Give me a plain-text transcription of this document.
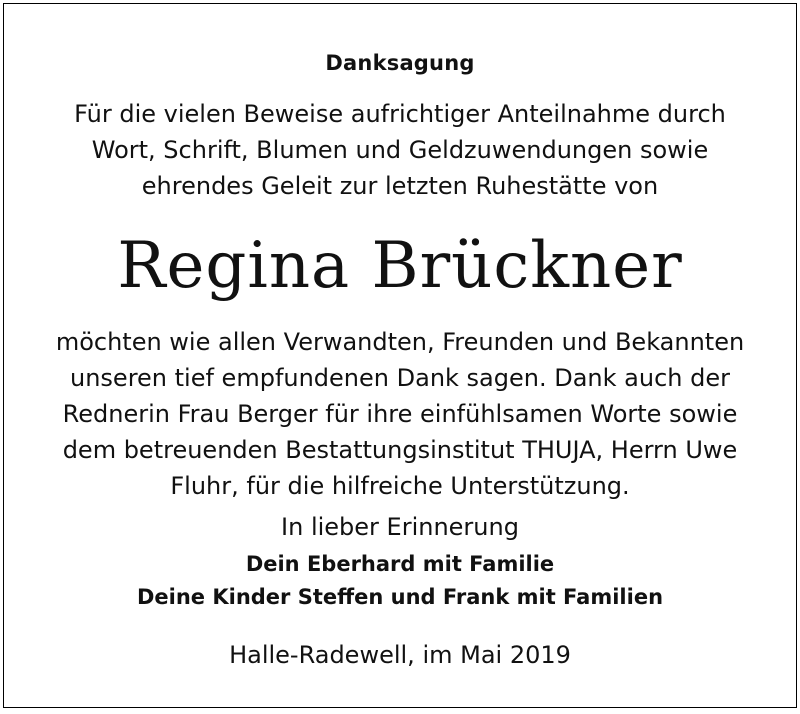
Danksagung
Für die vielen Beweise aufrichtiger Anteilnahme durch
Wort, Schrift, Blumen und Geldzuwendungen sowie
ehrendes Geleit zur letzten Ruhestätte von
Regina Brückner
möchten wie allen Verwandten, Freunden und Bekannten
unseren tief empfundenen Dank sagen. Dank auch der
Rednerin Frau Berger für ihre einfühlsamen Worte sowie
dem betreuenden Bestattungsinstitut THUJA, Herrn Uwe
Fluhr, für die hilfreiche Unterstützung.
In lieber Erinnerung
Dein Eberhard mit Familie
Deine Kinder Steffen und Frank mit Familien
Halle-Radewell, im Mai 2019
